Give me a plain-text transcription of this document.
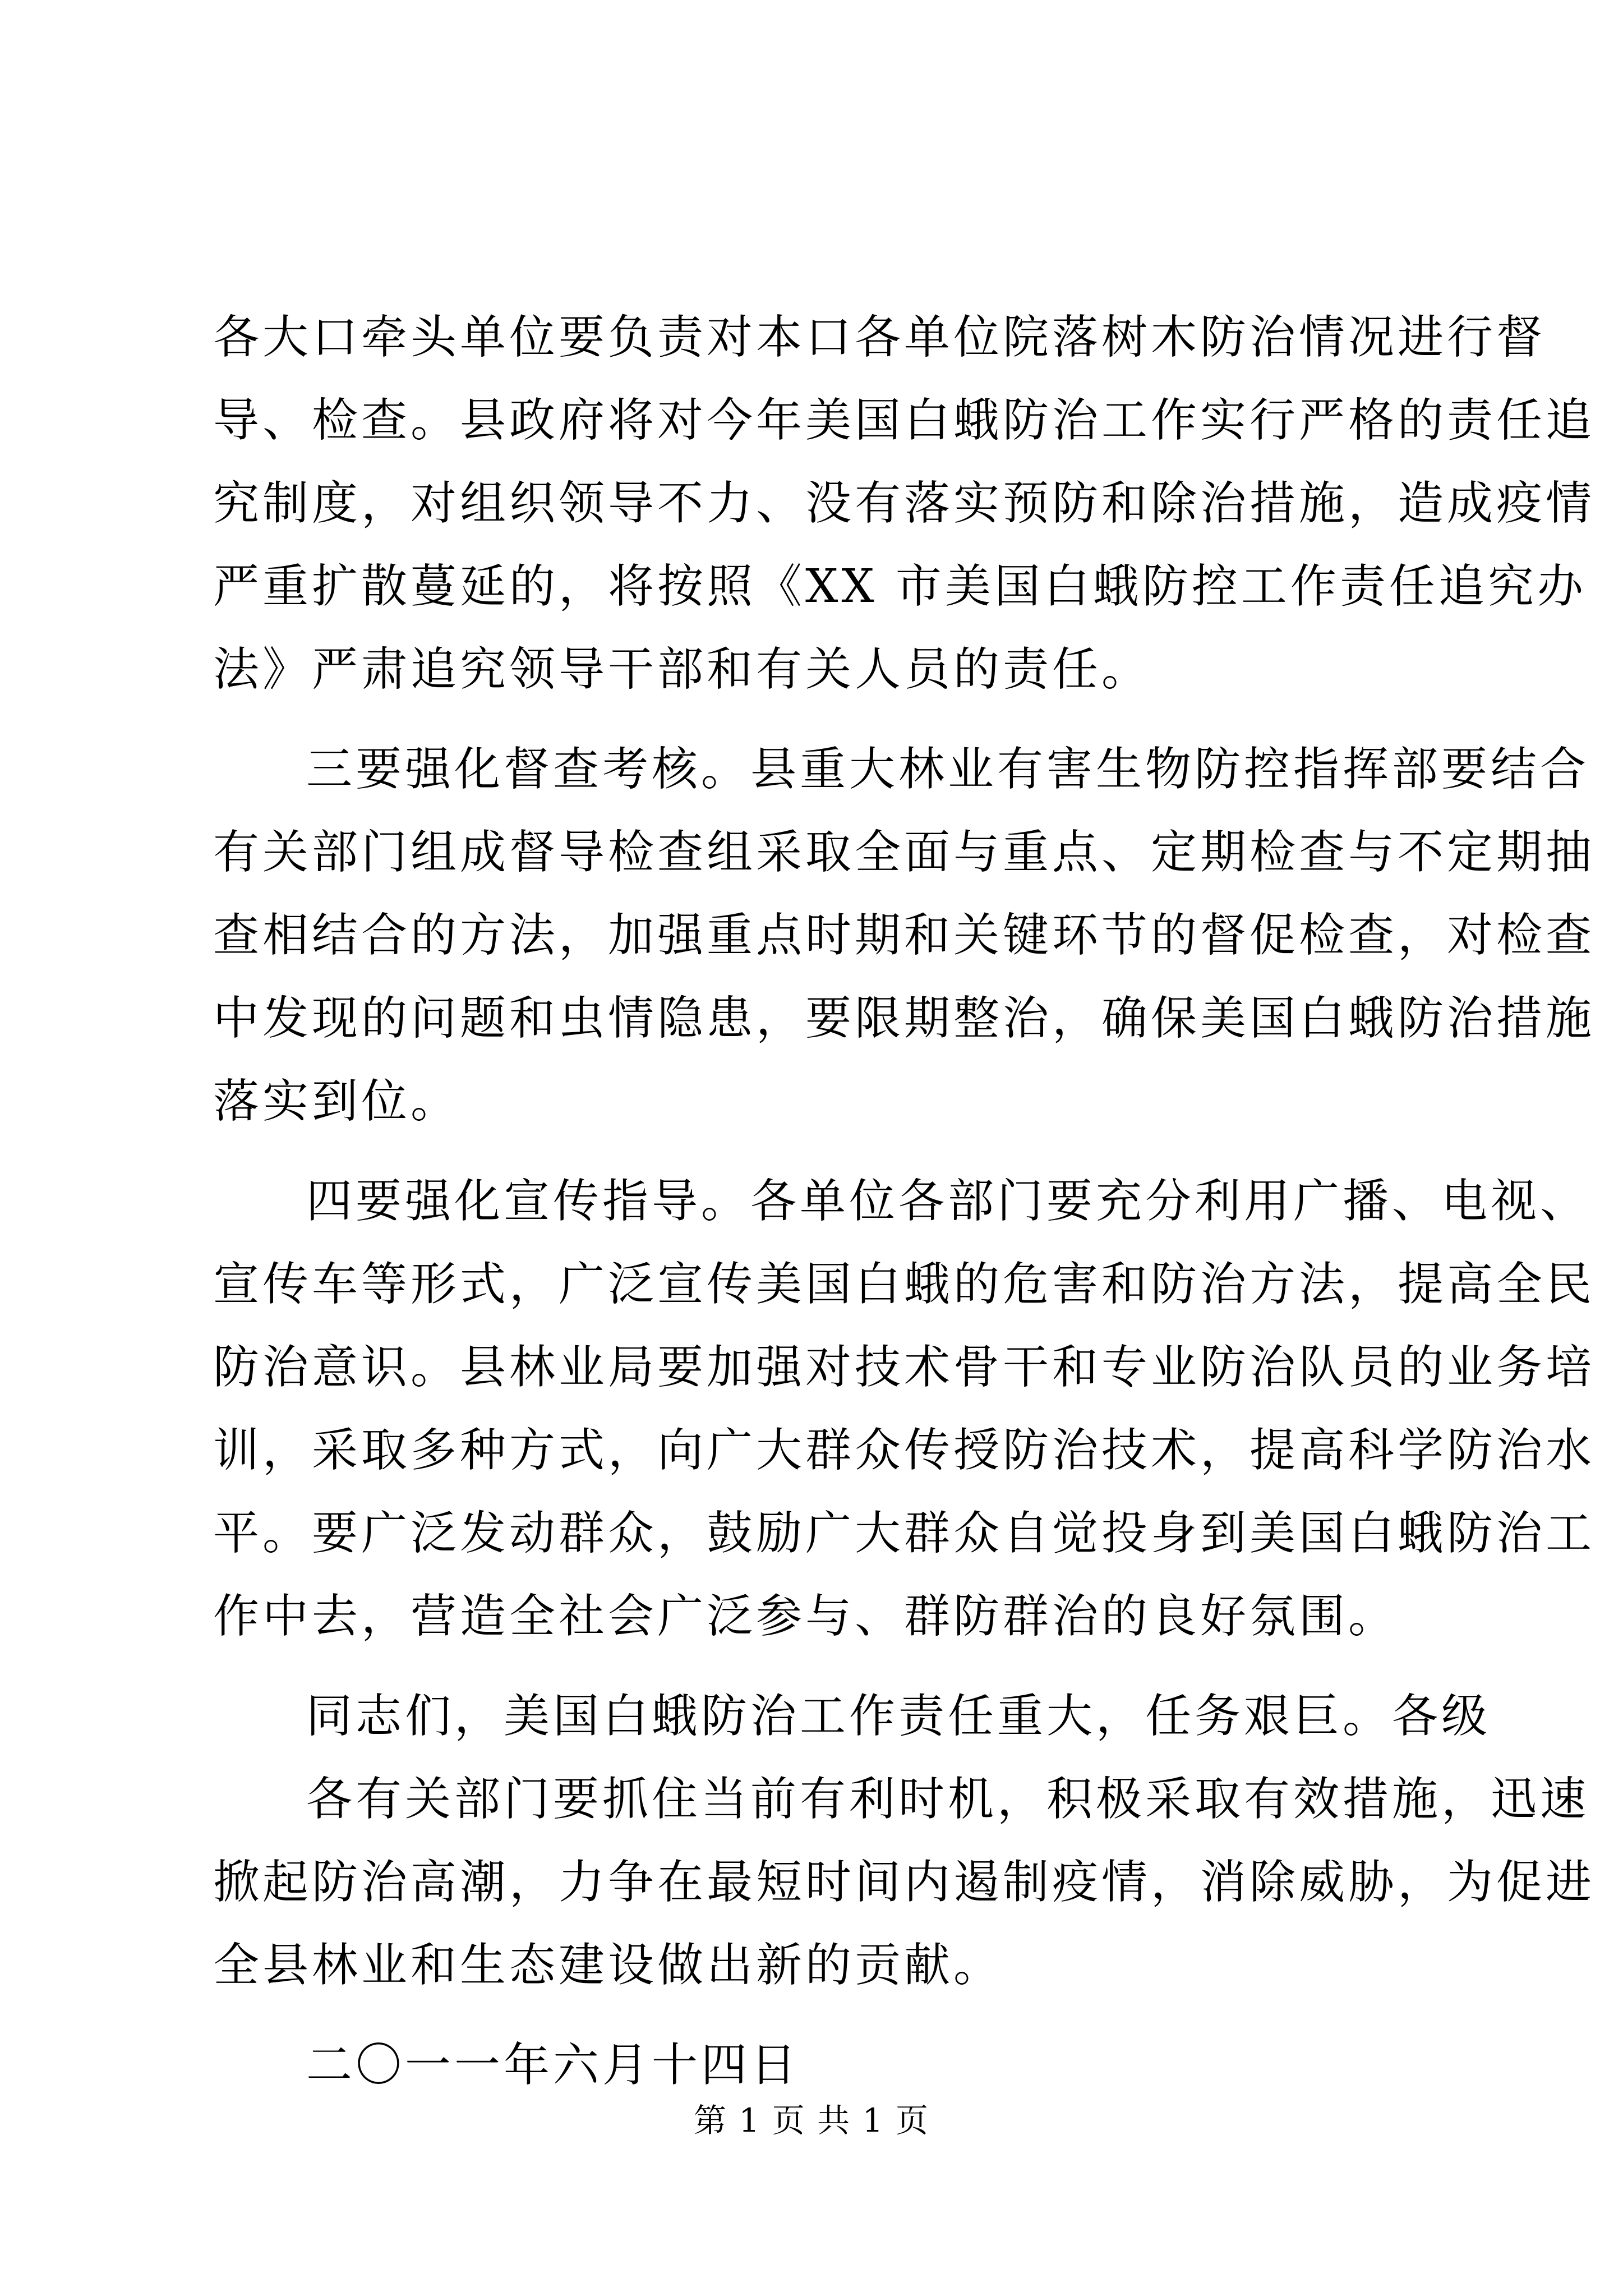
各大口牵头单位要负责对本口各单位院落树木防治情况进行督
导、检查。县政府将对今年美国白蛾防治工作实行严格的责任追
究制度，对组织领导不力、没有落实预防和除治措施，造成疫情
严重扩散蔓延的，将按照《XX 市美国白蛾防控工作责任追究办
法》严肃追究领导干部和有关人员的责任。
三要强化督查考核。县重大林业有害生物防控指挥部要结合
有关部门组成督导检查组采取全面与重点、定期检查与不定期抽
查相结合的方法，加强重点时期和关键环节的督促检查，对检查
中发现的问题和虫情隐患，要限期整治，确保美国白蛾防治措施
落实到位。
四要强化宣传指导。各单位各部门要充分利用广播、电视、
宣传车等形式，广泛宣传美国白蛾的危害和防治方法，提高全民
防治意识。县林业局要加强对技术骨干和专业防治队员的业务培
训，采取多种方式，向广大群众传授防治技术，提高科学防治水
平。要广泛发动群众，鼓励广大群众自觉投身到美国白蛾防治工
作中去，营造全社会广泛参与、群防群治的良好氛围。
同志们，美国白蛾防治工作责任重大，任务艰巨。各级
各有关部门要抓住当前有利时机，积极采取有效措施，迅速
掀起防治高潮，力争在最短时间内遏制疫情，消除威胁，为促进
全县林业和生态建设做出新的贡献。
二〇一一年六月十四日
第 1 页 共 1 页
